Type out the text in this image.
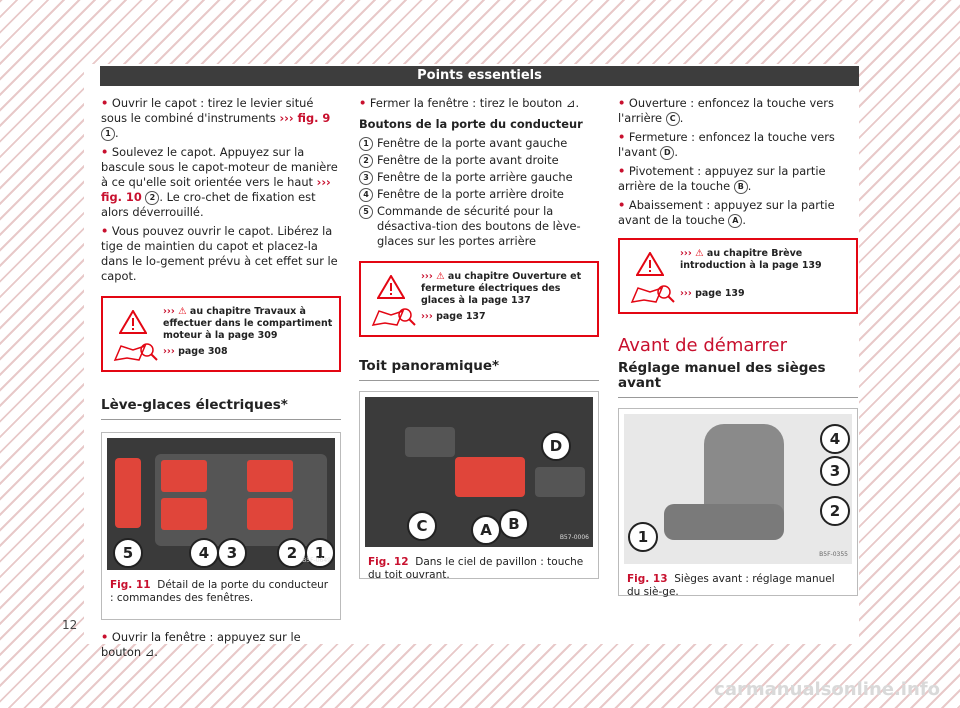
Points essentiels

• Ouvrir le capot : tirez le levier situé sous le combiné d'instruments ››› fig. 9 1 .

• Soulevez le capot. Appuyez sur la bascule sous le capot-moteur de manière à ce qu'elle soit orientée vers le haut ››› fig. 10 2 . Le cro-chet de fixation est alors déverrouillé.

• Vous pouvez ouvrir le capot. Libérez la tige de maintien du capot et placez-la dans le lo-gement prévu à cet effet sur le capot.

››› ⚠ au chapitre Travaux à effectuer dans le compartiment moteur à la page 309
››› page 308
Lève-glaces électriques*
5	4	3	2	1
B5F-0649
Fig. 11 Détail de la porte du conducteur : commandes des fenêtres.

• Ouvrir la fenêtre : appuyez sur le bouton ⊿.

• Fermer la fenêtre : tirez le bouton ⊿.

Boutons de la porte du conducteur
1 Fenêtre de la porte avant gauche
2 Fenêtre de la porte avant droite
3 Fenêtre de la porte arrière gauche
4 Fenêtre de la porte arrière droite
5 Commande de sécurité pour la désactiva-tion des boutons de lève-glaces sur les portes arrière
››› ⚠ au chapitre Ouverture et fermeture électriques des glaces à la page 137
››› page 137
Toit panoramique*
D
C	A	B
B57-0006
Fig. 12 Dans le ciel de pavillon : touche du toit ouvrant.

• Ouverture : enfoncez la touche vers l'arrière C .

• Fermeture : enfoncez la touche vers l'avant D .

• Pivotement : appuyez sur la partie arrière de la touche B .

• Abaissement : appuyez sur la partie avant de la touche A .

››› ⚠ au chapitre Brève introduction à la page 139
››› page 139
Avant de démarrer
Réglage manuel des sièges avant
4
3
2
1
B5F-0355
Fig. 13 Sièges avant : réglage manuel du siè-ge.
12
carmanualsonline.info
